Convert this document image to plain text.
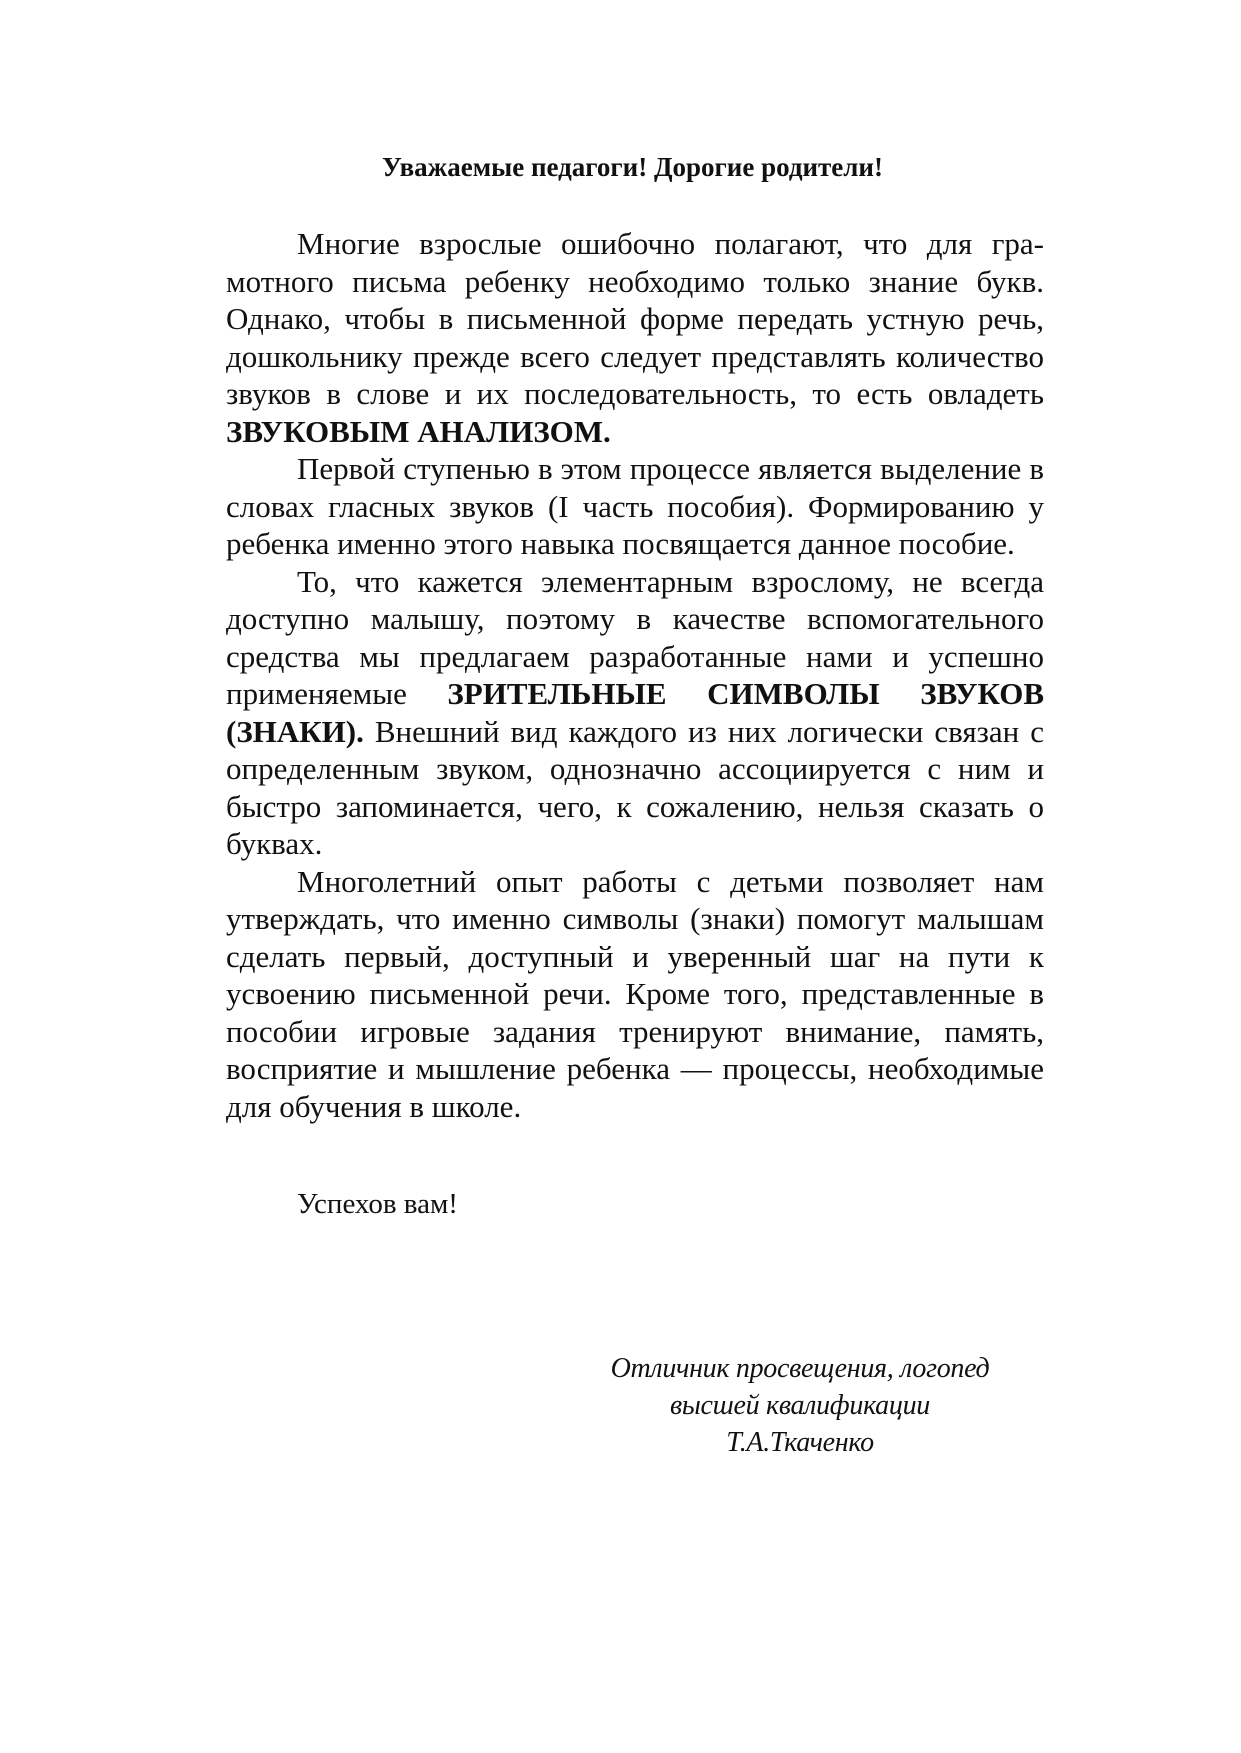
Уважаемые педагоги! Дорогие родители!

Многие взрослые ошибочно полагают, что для грамотного письма ребенку необходимо только знание букв. Однако, чтобы в письменной форме передать устную речь, дошкольнику прежде всего следует представлять количество звуков в слове и их последовательность, то есть овладеть ЗВУКОВЫМ АНАЛИЗОМ.

Первой ступенью в этом процессе является выделение в словах гласных звуков (I часть пособия). Формированию у ребенка именно этого навыка посвящается данное пособие.

То, что кажется элементарным взрослому, не всегда доступно малышу, поэтому в качестве вспомогательного средства мы предлагаем разработанные нами и успешно применяемые ЗРИТЕЛЬНЫЕ СИМВОЛЫ ЗВУКОВ (ЗНАКИ). Внешний вид каждого из них логически связан с определенным звуком, однозначно ассоциируется с ним и быстро запоминается, чего, к сожалению, нельзя сказать о буквах.

Многолетний опыт работы с детьми позволяет нам утверждать, что именно символы (знаки) помогут малышам сделать первый, доступный и уверенный шаг на пути к усвоению письменной речи. Кроме того, представленные в пособии игровые задания тренируют внимание, память, восприятие и мышление ребенка — процессы, необходимые для обучения в школе.

Успехов вам!
Отличник просвещения, логопед
высшей квалификации
Т.А.Ткаченко
